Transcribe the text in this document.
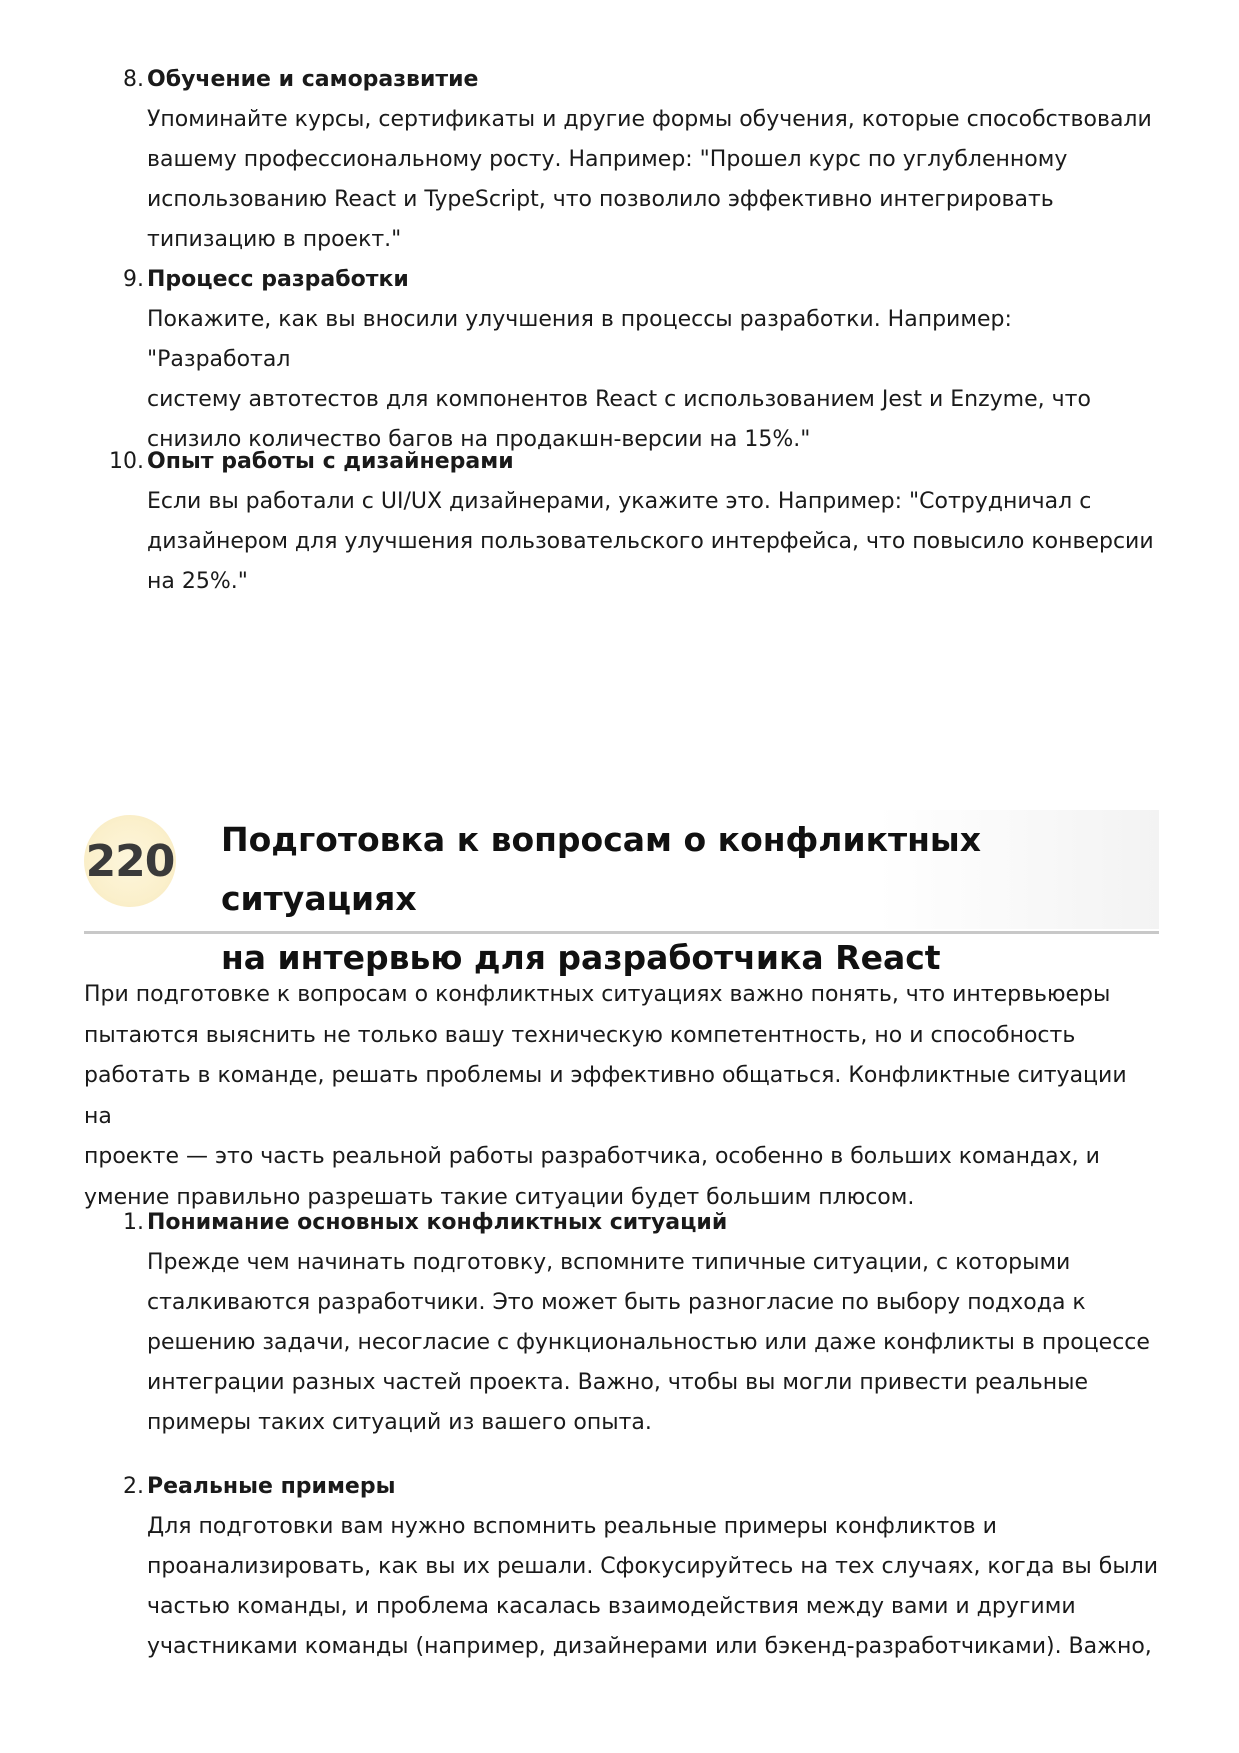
8. Обучение и саморазвитие

Упоминайте курсы, сертификаты и другие формы обучения, которые способствовали
вашему профессиональному росту. Например: "Прошел курс по углубленному
использованию React и TypeScript, что позволило эффективно интегрировать
типизацию в проект."

9. Процесс разработки

Покажите, как вы вносили улучшения в процессы разработки. Например: "Разработал
систему автотестов для компонентов React с использованием Jest и Enzyme, что
снизило количество багов на продакшн-версии на 15%."

10. Опыт работы с дизайнерами

Если вы работали с UI/UX дизайнерами, укажите это. Например: "Сотрудничал с
дизайнером для улучшения пользовательского интерфейса, что повысило конверсии
на 25%."

220 Подготовка к вопросам о конфликтных ситуациях
на интервью для разработчика React

При подготовке к вопросам о конфликтных ситуациях важно понять, что интервьюеры
пытаются выяснить не только вашу техническую компетентность, но и способность
работать в команде, решать проблемы и эффективно общаться. Конфликтные ситуации на
проекте — это часть реальной работы разработчика, особенно в больших командах, и
умение правильно разрешать такие ситуации будет большим плюсом.

1. Понимание основных конфликтных ситуаций

Прежде чем начинать подготовку, вспомните типичные ситуации, с которыми
сталкиваются разработчики. Это может быть разногласие по выбору подхода к
решению задачи, несогласие с функциональностью или даже конфликты в процессе
интеграции разных частей проекта. Важно, чтобы вы могли привести реальные
примеры таких ситуаций из вашего опыта.

2. Реальные примеры

Для подготовки вам нужно вспомнить реальные примеры конфликтов и
проанализировать, как вы их решали. Сфокусируйтесь на тех случаях, когда вы были
частью команды, и проблема касалась взаимодействия между вами и другими
участниками команды (например, дизайнерами или бэкенд-разработчиками). Важно,
